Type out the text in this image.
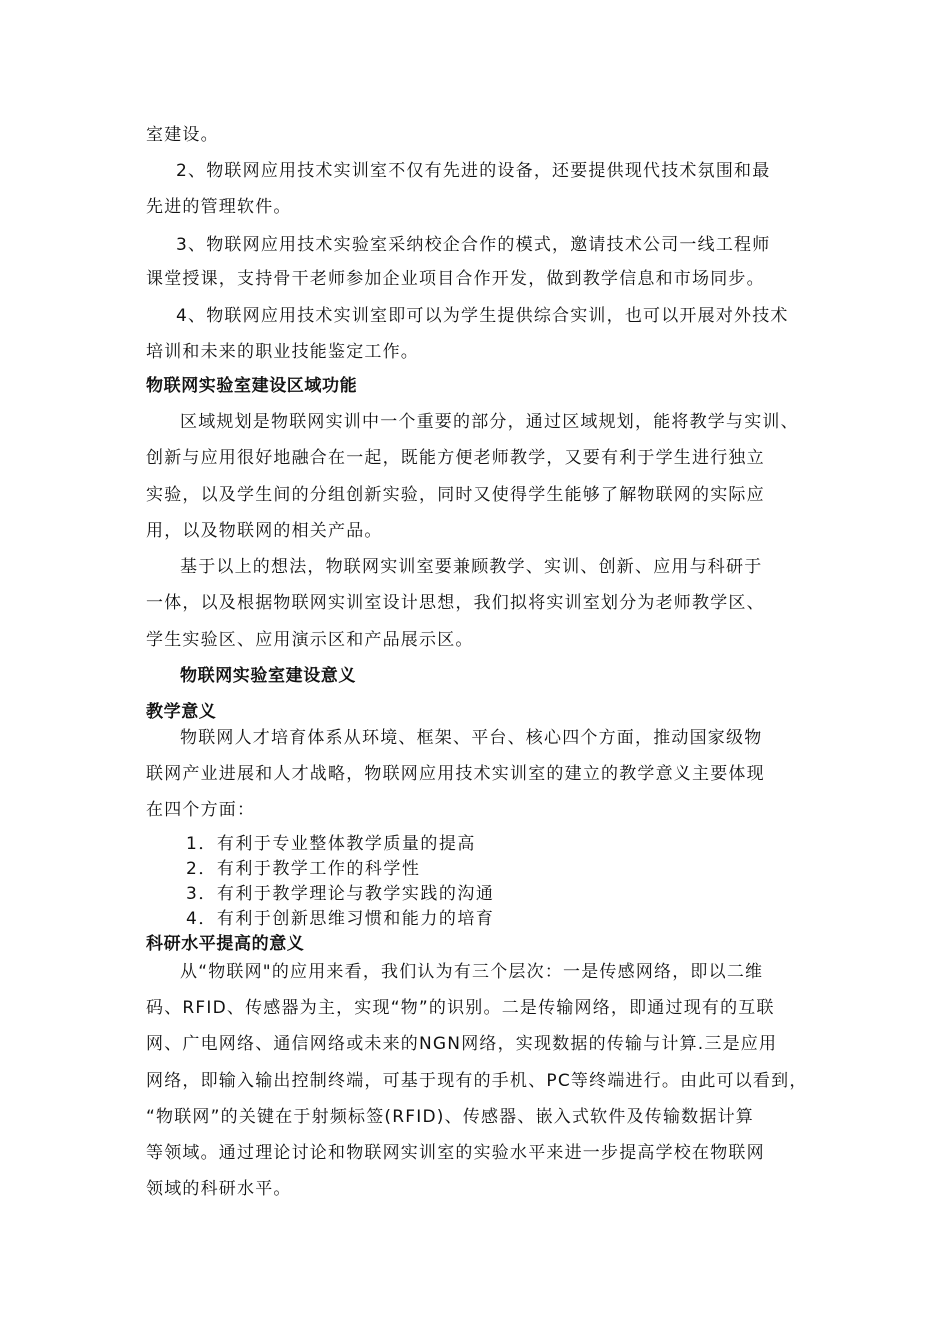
室建设。
2、物联网应用技术实训室不仅有先进的设备，还要提供现代技术氛围和最
先进的管理软件。
3、物联网应用技术实验室采纳校企合作的模式，邀请技术公司一线工程师
课堂授课，支持骨干老师参加企业项目合作开发，做到教学信息和市场同步。
4、物联网应用技术实训室即可以为学生提供综合实训，也可以开展对外技术
培训和未来的职业技能鉴定工作。
物联网实验室建设区域功能
区域规划是物联网实训中一个重要的部分，通过区域规划，能将教学与实训、
创新与应用很好地融合在一起，既能方便老师教学，又要有利于学生进行独立
实验，以及学生间的分组创新实验，同时又使得学生能够了解物联网的实际应
用，以及物联网的相关产品。
基于以上的想法，物联网实训室要兼顾教学、实训、创新、应用与科研于
一体，以及根据物联网实训室设计思想，我们拟将实训室划分为老师教学区、
学生实验区、应用演示区和产品展示区。
物联网实验室建设意义
教学意义
物联网人才培育体系从环境、框架、平台、核心四个方面，推动国家级物
联网产业进展和人才战略，物联网应用技术实训室的建立的教学意义主要体现
在四个方面：
1．有利于专业整体教学质量的提高
2．有利于教学工作的科学性
3．有利于教学理论与教学实践的沟通
4．有利于创新思维习惯和能力的培育
科研水平提高的意义
从“物联网"的应用来看，我们认为有三个层次：一是传感网络，即以二维
码、RFID、传感器为主，实现“物”的识别。二是传输网络，即通过现有的互联
网、广电网络、通信网络或未来的NGN网络，实现数据的传输与计算.三是应用
网络，即输入输出控制终端，可基于现有的手机、PC等终端进行。由此可以看到，
“物联网”的关键在于射频标签(RFID)、传感器、嵌入式软件及传输数据计算
等领域。通过理论讨论和物联网实训室的实验水平来进一步提高学校在物联网
领域的科研水平。
